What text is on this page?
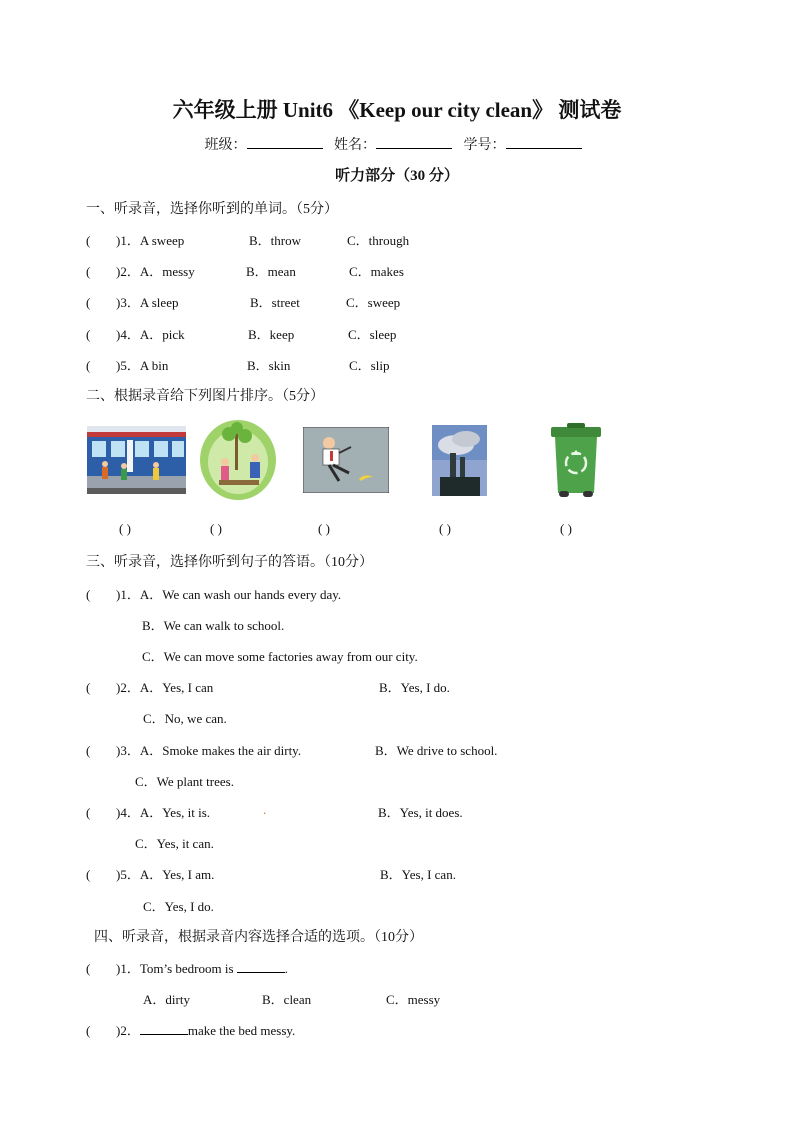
六年级上册 Unit6 《Keep our city clean》 测试卷
班级：	姓名：	学号：
听力部分（30 分）
一、听录音，选择你听到的单词。（5分）
( )1．A sweep	B．throw	C．through
( )2．A．messy	B．mean	C．makes
( )3．A sleep	B．street	C．sweep
( )4．A．pick	B．keep	C．sleep
( )5．A bin	B．skin	C．slip
二、根据录音给下列图片排序。（5分）
( )	( )	( )	( )	( )
三、听录音，选择你听到句子的答语。（10分）
( )1．A．We can wash our hands every day.
B．We can walk to school.
C．We can move some factories away from our city.
( )2．A．Yes, I can	B．Yes, I do.
C．No, we can.
( )3．A．Smoke makes the air dirty.	B．We drive to school.
C．We plant trees.
( )4．A．Yes, it is.	.	B．Yes, it does.
C．Yes, it can.
( )5．A．Yes, I am.	B．Yes, I can.
C．Yes, I do.
四、听录音，根据录音内容选择合适的选项。（10分）
( )1．Tom’s bedroom is	.
A．dirty	B．clean	C．messy
( )2．	make the bed messy.
